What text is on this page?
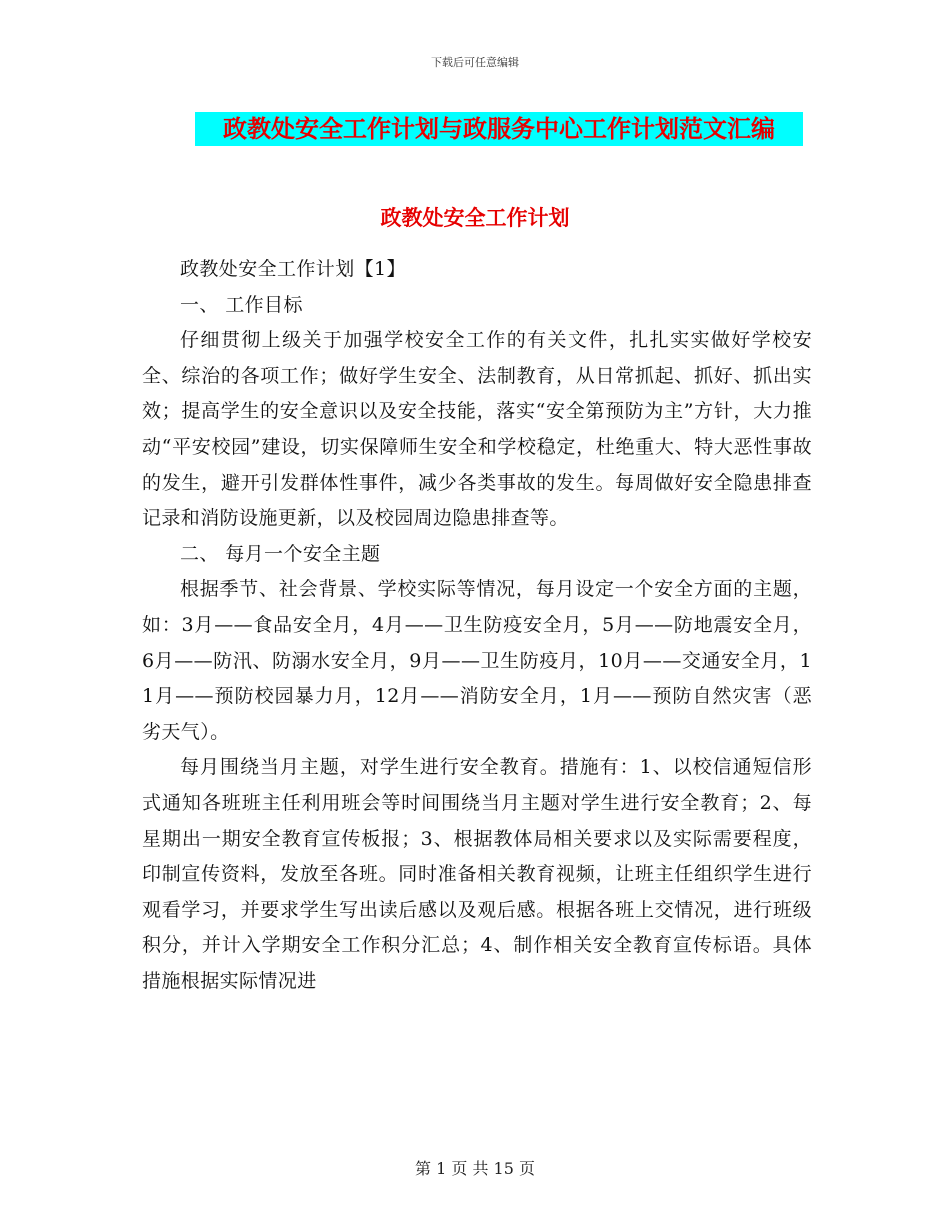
下载后可任意编辑
政教处安全工作计划与政服务中心工作计划范文汇编
政教处安全工作计划

政教处安全工作计划【1】

一、 工作目标

仔细贯彻上级关于加强学校安全工作的有关文件，扎扎实实做好学校安全、综治的各项工作；做好学生安全、法制教育，从日常抓起、抓好、抓出实效；提高学生的安全意识以及安全技能，落实“安全第预防为主”方针，大力推动“平安校园”建设，切实保障师生安全和学校稳定，杜绝重大、特大恶性事故的发生，避开引发群体性事件，减少各类事故的发生。每周做好安全隐患排查记录和消防设施更新，以及校园周边隐患排查等。

二、 每月一个安全主题

根据季节、社会背景、学校实际等情况，每月设定一个安全方面的主题，如：3月——食品安全月，4月——卫生防疫安全月，5月——防地震安全月，6月——防汛、防溺水安全月，9月——卫生防疫月，10月——交通安全月，11月——预防校园暴力月，12月——消防安全月，1月——预防自然灾害（恶劣天气）。

每月围绕当月主题，对学生进行安全教育。措施有：1、以校信通短信形式通知各班班主任利用班会等时间围绕当月主题对学生进行安全教育；2、每星期出一期安全教育宣传板报；3、根据教体局相关要求以及实际需要程度，印制宣传资料，发放至各班。同时准备相关教育视频，让班主任组织学生进行观看学习，并要求学生写出读后感以及观后感。根据各班上交情况，进行班级积分，并计入学期安全工作积分汇总；4、制作相关安全教育宣传标语。具体措施根据实际情况进

第 1 页 共 15 页
